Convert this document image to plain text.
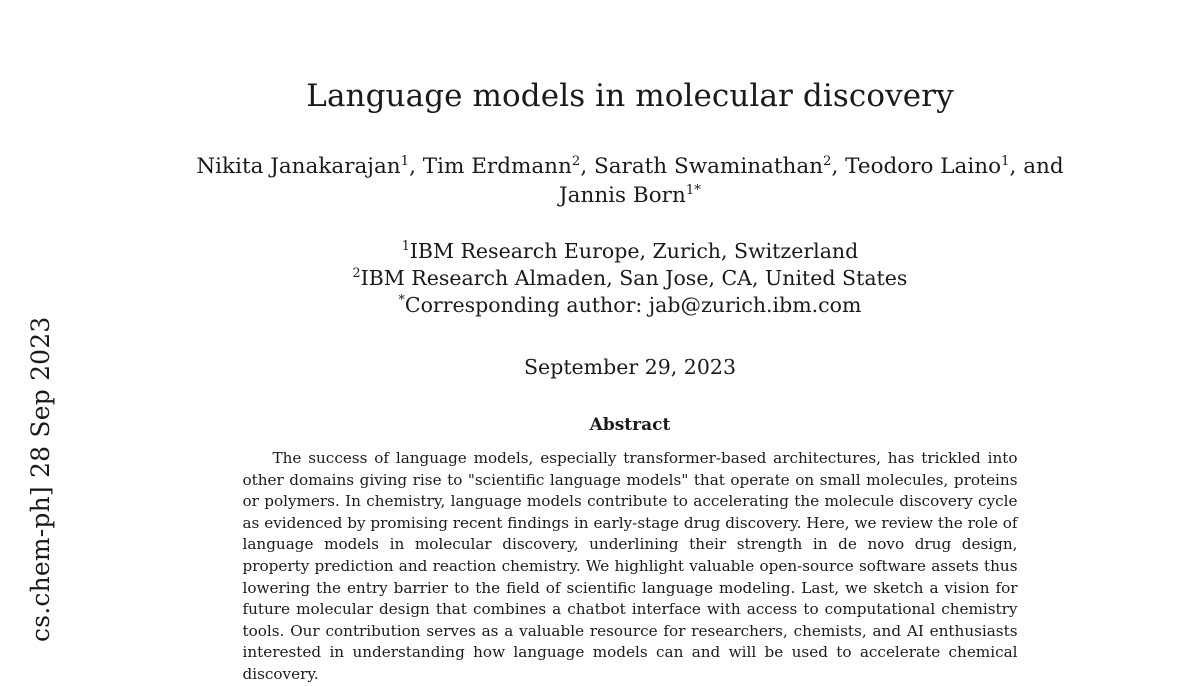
cs.chem-ph] 28 Sep 2023
Language models in molecular discovery
Nikita Janakarajan$^1$, Tim Erdmann$^2$, Sarath Swaminathan$^2$, Teodoro Laino$^1$, and
Jannis Born$^{1*}$
$^1$IBM Research Europe, Zurich, Switzerland
$^2$IBM Research Almaden, San Jose, CA, United States
*Corresponding author: jab@zurich.ibm.com
September 29, 2023
Abstract

The success of language models, especially transformer-based architectures, has trickled into other domains giving rise to "scientific language models" that operate on small molecules, proteins or polymers. In chemistry, language models contribute to accelerating the molecule discovery cycle as evidenced by promising recent findings in early-stage drug discovery. Here, we review the role of language models in molecular discovery, underlining their strength in de novo drug design, property prediction and reaction chemistry. We highlight valuable open-source software assets thus lowering the entry barrier to the field of scientific language modeling. Last, we sketch a vision for future molecular design that combines a chatbot interface with access to computational chemistry tools. Our contribution serves as a valuable resource for researchers, chemists, and AI enthusiasts interested in understanding how language models can and will be used to accelerate chemical discovery.
